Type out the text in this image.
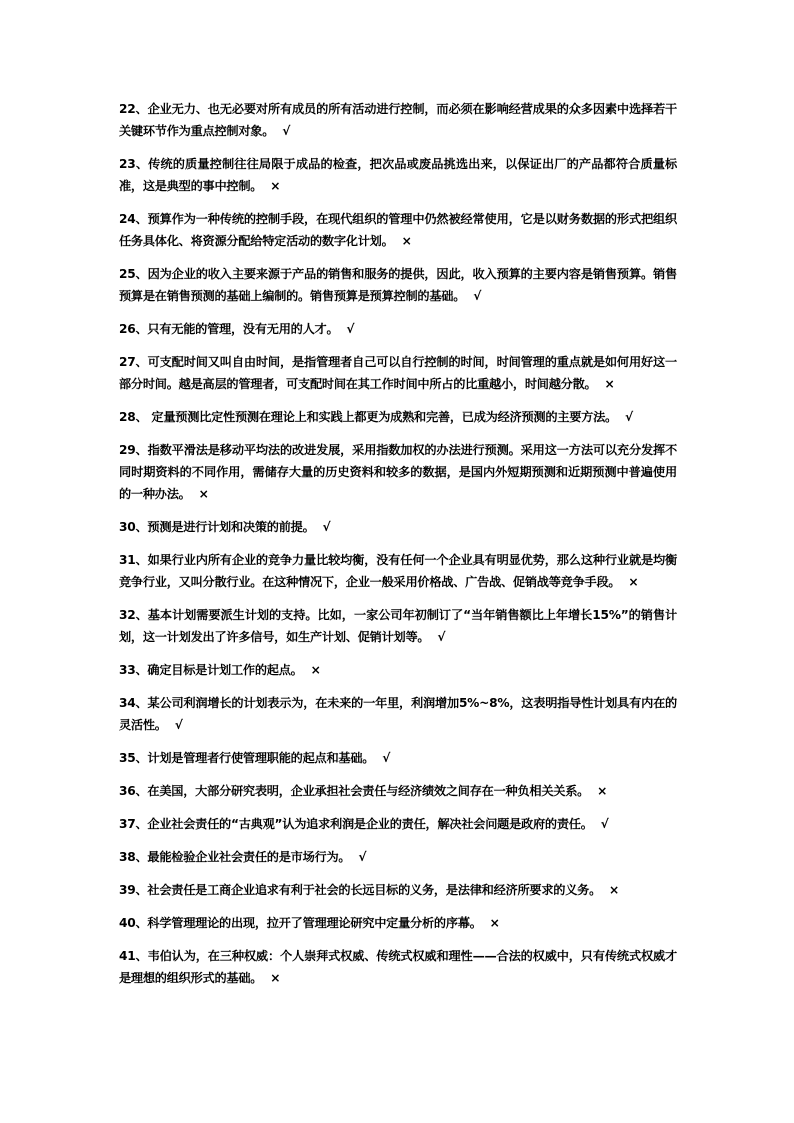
22、企业无力、也无必要对所有成员的所有活动进行控制，而必须在影响经营成果的众多因素中选择若干关键环节作为重点控制对象。 √
23、传统的质量控制往往局限于成品的检查，把次品或废品挑选出来，以保证出厂的产品都符合质量标准，这是典型的事中控制。 ×
24、预算作为一种传统的控制手段，在现代组织的管理中仍然被经常使用，它是以财务数据的形式把组织任务具体化、将资源分配给特定活动的数字化计划。 ×
25、因为企业的收入主要来源于产品的销售和服务的提供，因此，收入预算的主要内容是销售预算。销售预算是在销售预测的基础上编制的。销售预算是预算控制的基础。 √
26、只有无能的管理，没有无用的人才。 √
27、可支配时间又叫自由时间，是指管理者自己可以自行控制的时间，时间管理的重点就是如何用好这一部分时间。越是高层的管理者，可支配时间在其工作时间中所占的比重越小，时间越分散。 ×
28、 定量预测比定性预测在理论上和实践上都更为成熟和完善，已成为经济预测的主要方法。 √
29、指数平滑法是移动平均法的改进发展，采用指数加权的办法进行预测。采用这一方法可以充分发挥不同时期资料的不同作用，需储存大量的历史资料和较多的数据，是国内外短期预测和近期预测中普遍使用的一种办法。 ×
30、预测是进行计划和决策的前提。 √
31、如果行业内所有企业的竞争力量比较均衡，没有任何一个企业具有明显优势，那么这种行业就是均衡竞争行业，又叫分散行业。在这种情况下，企业一般采用价格战、广告战、促销战等竞争手段。 ×
32、基本计划需要派生计划的支持。比如，一家公司年初制订了“当年销售额比上年增长15%”的销售计划，这一计划发出了许多信号，如生产计划、促销计划等。 √
33、确定目标是计划工作的起点。 ×
34、某公司利润增长的计划表示为，在未来的一年里，利润增加5%~8%，这表明指导性计划具有内在的灵活性。 √
35、计划是管理者行使管理职能的起点和基础。 √
36、在美国，大部分研究表明，企业承担社会责任与经济绩效之间存在一种负相关关系。 ×
37、企业社会责任的“古典观”认为追求利润是企业的责任，解决社会问题是政府的责任。 √
38、最能检验企业社会责任的是市场行为。 √
39、社会责任是工商企业追求有利于社会的长远目标的义务，是法律和经济所要求的义务。 ×
40、科学管理理论的出现，拉开了管理理论研究中定量分析的序幕。 ×
41、韦伯认为，在三种权威：个人崇拜式权威、传统式权威和理性——合法的权威中，只有传统式权威才是理想的组织形式的基础。 ×
